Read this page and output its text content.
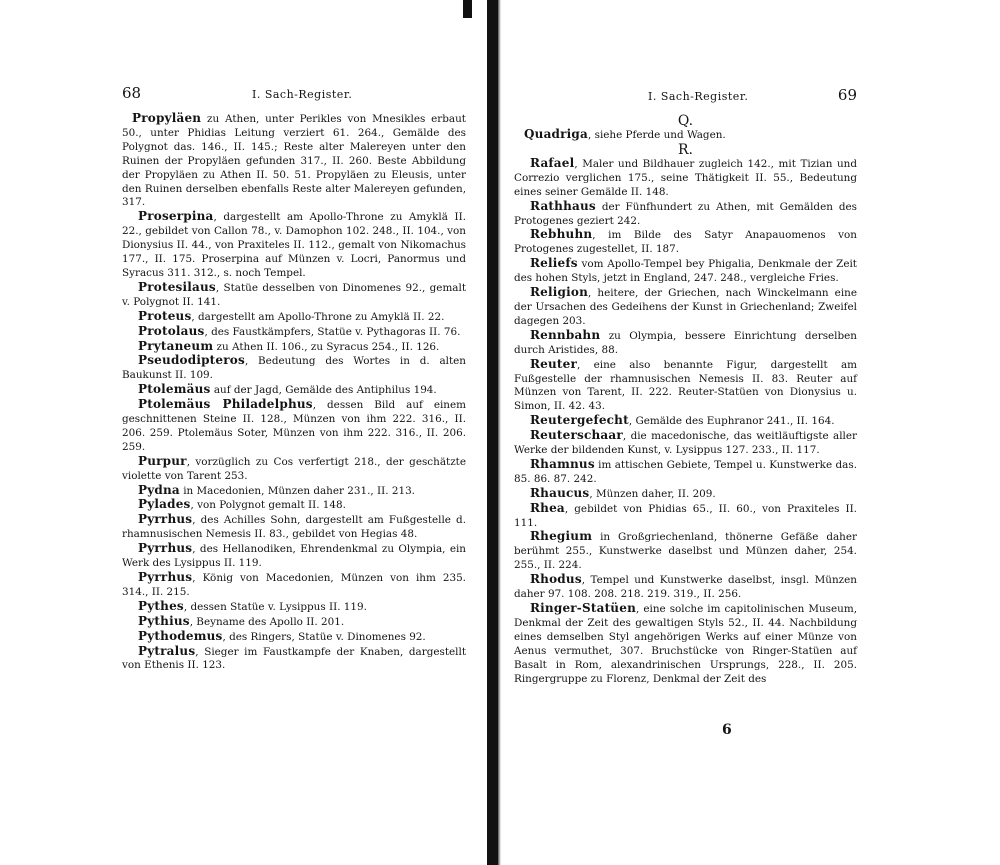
68	I. Sach-Register.

Propyläen zu Athen, unter Perikles von Mnesikles erbaut 50., unter Phidias Leitung verziert 61. 264., Gemälde des Polygnot das. 146., II. 145.; Reste alter Malereyen unter den Ruinen der Propyläen gefunden 317., II. 260. Beste Abbildung der Propyläen zu Athen II. 50. 51. Propyläen zu Eleusis, unter den Ruinen derselben ebenfalls Reste alter Malereyen gefunden, 317.

Proserpina, dargestellt am Apollo-Throne zu Amyklä II. 22., gebildet von Callon 78., v. Damophon 102. 248., II. 104., von Dionysius II. 44., von Praxiteles II. 112., gemalt von Nikomachus 177., II. 175. Proserpina auf Münzen v. Locri, Panormus und Syracus 311. 312., s. noch Tempel.

Protesilaus, Statüe desselben von Dinomenes 92., gemalt v. Polygnot II. 141.

Proteus, dargestellt am Apollo-Throne zu Amyklä II. 22.

Protolaus, des Faustkämpfers, Statüe v. Pythagoras II. 76.

Prytaneum zu Athen II. 106., zu Syracus 254., II. 126.

Pseudodipteros, Bedeutung des Wortes in d. alten Baukunst II. 109.

Ptolemäus auf der Jagd, Gemälde des Antiphilus 194.

Ptolemäus Philadelphus, dessen Bild auf einem geschnittenen Steine II. 128., Münzen von ihm 222. 316., II. 206. 259. Ptolemäus Soter, Münzen von ihm 222. 316., II. 206. 259.

Purpur, vorzüglich zu Cos verfertigt 218., der geschätzte violette von Tarent 253.

Pydna in Macedonien, Münzen daher 231., II. 213.

Pylades, von Polygnot gemalt II. 148.

Pyrrhus, des Achilles Sohn, dargestellt am Fußgestelle d. rhamnusischen Nemesis II. 83., gebildet von Hegias 48.

Pyrrhus, des Hellanodiken, Ehrendenkmal zu Olympia, ein Werk des Lysippus II. 119.

Pyrrhus, König von Macedonien, Münzen von ihm 235. 314., II. 215.

Pythes, dessen Statüe v. Lysippus II. 119.

Pythius, Beyname des Apollo II. 201.

Pythodemus, des Ringers, Statüe v. Dinomenes 92.

Pytralus, Sieger im Faustkampfe der Knaben, dargestellt von Ethenis II. 123.

I. Sach-Register.	69
Q.

Quadriga, siehe Pferde und Wagen.

R.

Rafael, Maler und Bildhauer zugleich 142., mit Tizian und Correzio verglichen 175., seine Thätigkeit II. 55., Bedeutung eines seiner Gemälde II. 148.

Rathhaus der Fünfhundert zu Athen, mit Gemälden des Protogenes geziert 242.

Rebhuhn, im Bilde des Satyr Anapauomenos von Protogenes zugestellet, II. 187.

Reliefs vom Apollo-Tempel bey Phigalia, Denkmale der Zeit des hohen Styls, jetzt in England, 247. 248., vergleiche Fries.

Religion, heitere, der Griechen, nach Winckelmann eine der Ursachen des Gedeihens der Kunst in Griechenland; Zweifel dagegen 203.

Rennbahn zu Olympia, bessere Einrichtung derselben durch Aristides, 88.

Reuter, eine also benannte Figur, dargestellt am Fußgestelle der rhamnusischen Nemesis II. 83. Reuter auf Münzen von Tarent, II. 222. Reuter-Statüen von Dionysius u. Simon, II. 42. 43.

Reutergefecht, Gemälde des Euphranor 241., II. 164.

Reuterschaar, die macedonische, das weitläuftigste aller Werke der bildenden Kunst, v. Lysippus 127. 233., II. 117.

Rhamnus im attischen Gebiete, Tempel u. Kunstwerke das. 85. 86. 87. 242.

Rhaucus, Münzen daher, II. 209.

Rhea, gebildet von Phidias 65., II. 60., von Praxiteles II. 111.

Rhegium in Großgriechenland, thönerne Gefäße daher berühmt 255., Kunstwerke daselbst und Münzen daher, 254. 255., II. 224.

Rhodus, Tempel und Kunstwerke daselbst, insgl. Münzen daher 97. 108. 208. 218. 219. 319., II. 256.

Ringer-Statüen, eine solche im capitolinischen Museum, Denkmal der Zeit des gewaltigen Styls 52., II. 44. Nachbildung eines demselben Styl angehörigen Werks auf einer Münze von Aenus vermuthet, 307. Bruchstücke von Ringer-Statüen auf Basalt in Rom, alexandrinischen Ursprungs, 228., II. 205. Ringergruppe zu Florenz, Denkmal der Zeit des

6
